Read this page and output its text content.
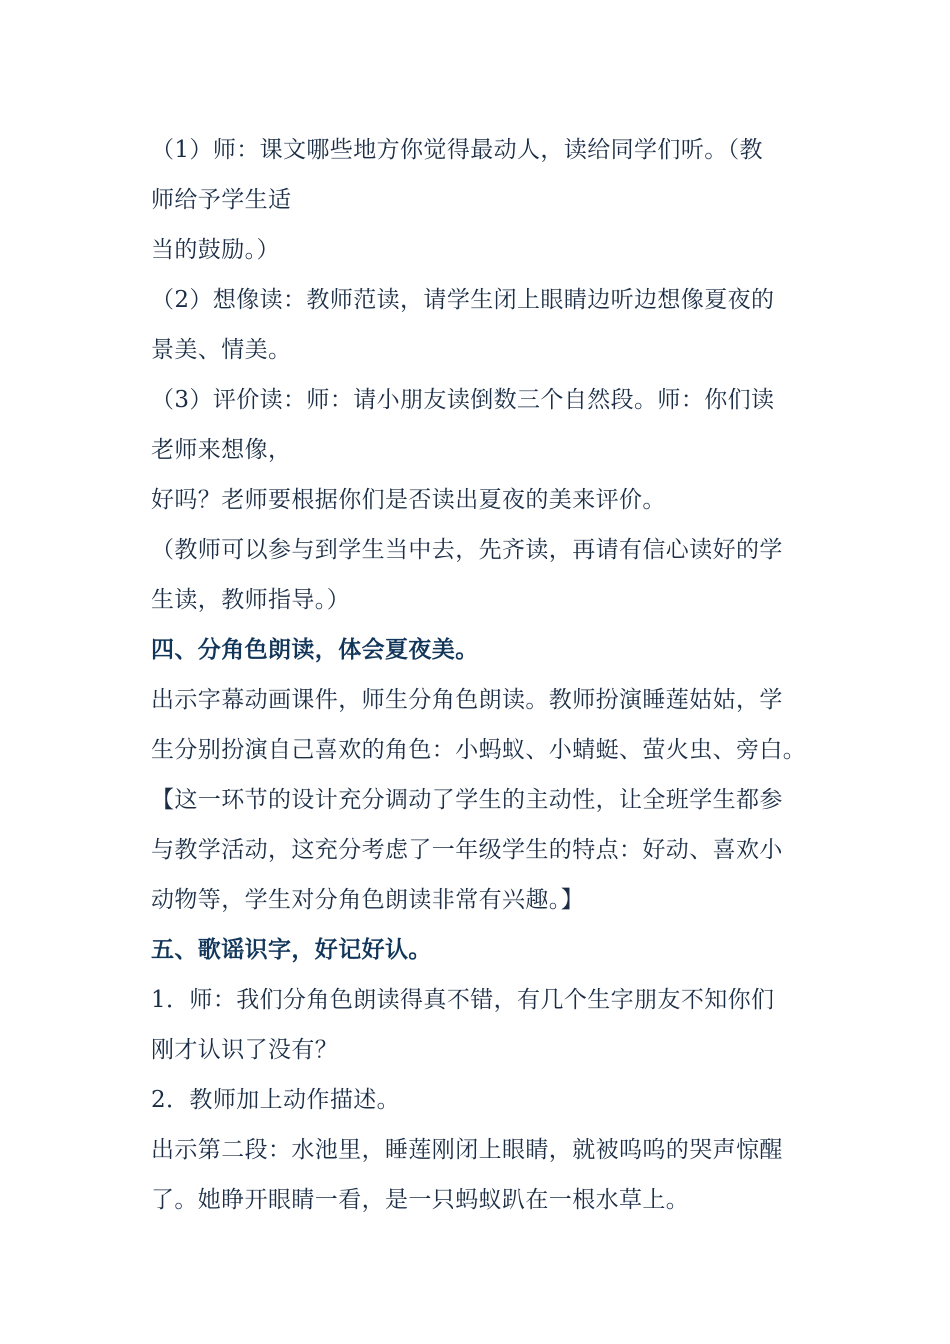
（1）师：课文哪些地方你觉得最动人，读给同学们听。（教
师给予学生适
当的鼓励。）
（2）想像读：教师范读，请学生闭上眼睛边听边想像夏夜的
景美、情美。
（3）评价读：师：请小朋友读倒数三个自然段。师：你们读
老师来想像，
好吗？老师要根据你们是否读出夏夜的美来评价。
（教师可以参与到学生当中去，先齐读，再请有信心读好的学
生读，教师指导。）
四、分角色朗读，体会夏夜美。
出示字幕动画课件，师生分角色朗读。教师扮演睡莲姑姑，学
生分别扮演自己喜欢的角色：小蚂蚁、小蜻蜓、萤火虫、旁白。
【这一环节的设计充分调动了学生的主动性，让全班学生都参
与教学活动，这充分考虑了一年级学生的特点：好动、喜欢小
动物等，学生对分角色朗读非常有兴趣。】
五、歌谣识字，好记好认。
1．师：我们分角色朗读得真不错，有几个生字朋友不知你们
刚才认识了没有？
2．教师加上动作描述。
出示第二段：水池里，睡莲刚闭上眼睛，就被呜呜的哭声惊醒
了。她睁开眼睛一看，是一只蚂蚁趴在一根水草上。
